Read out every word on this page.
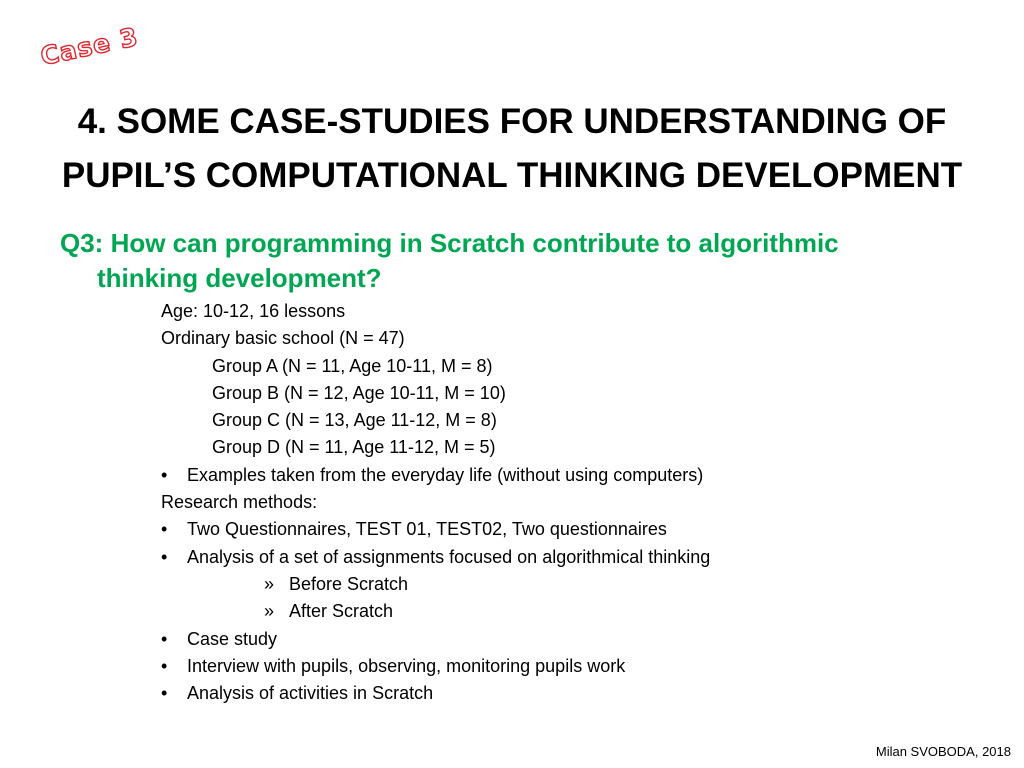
Case 3
4. SOME CASE-STUDIES FOR UNDERSTANDING OF
PUPIL’S COMPUTATIONAL THINKING DEVELOPMENT
Q3: How can programming in Scratch contribute to algorithmic thinking development?
Age: 10-12, 16 lessons
Ordinary basic school (N = 47)
Group A (N = 11, Age 10-11, M = 8)
Group B (N = 12, Age 10-11, M = 10)
Group C (N = 13, Age 11-12, M = 8)
Group D (N = 11, Age 11-12, M = 5)
• Examples taken from the everyday life (without using computers)
Research methods:
• Two Questionnaires, TEST 01, TEST02, Two questionnaires
• Analysis of a set of assignments focused on algorithmical thinking
» Before Scratch
» After Scratch
• Case study
• Interview with pupils, observing, monitoring pupils work
• Analysis of activities in Scratch
Milan SVOBODA, 2018
